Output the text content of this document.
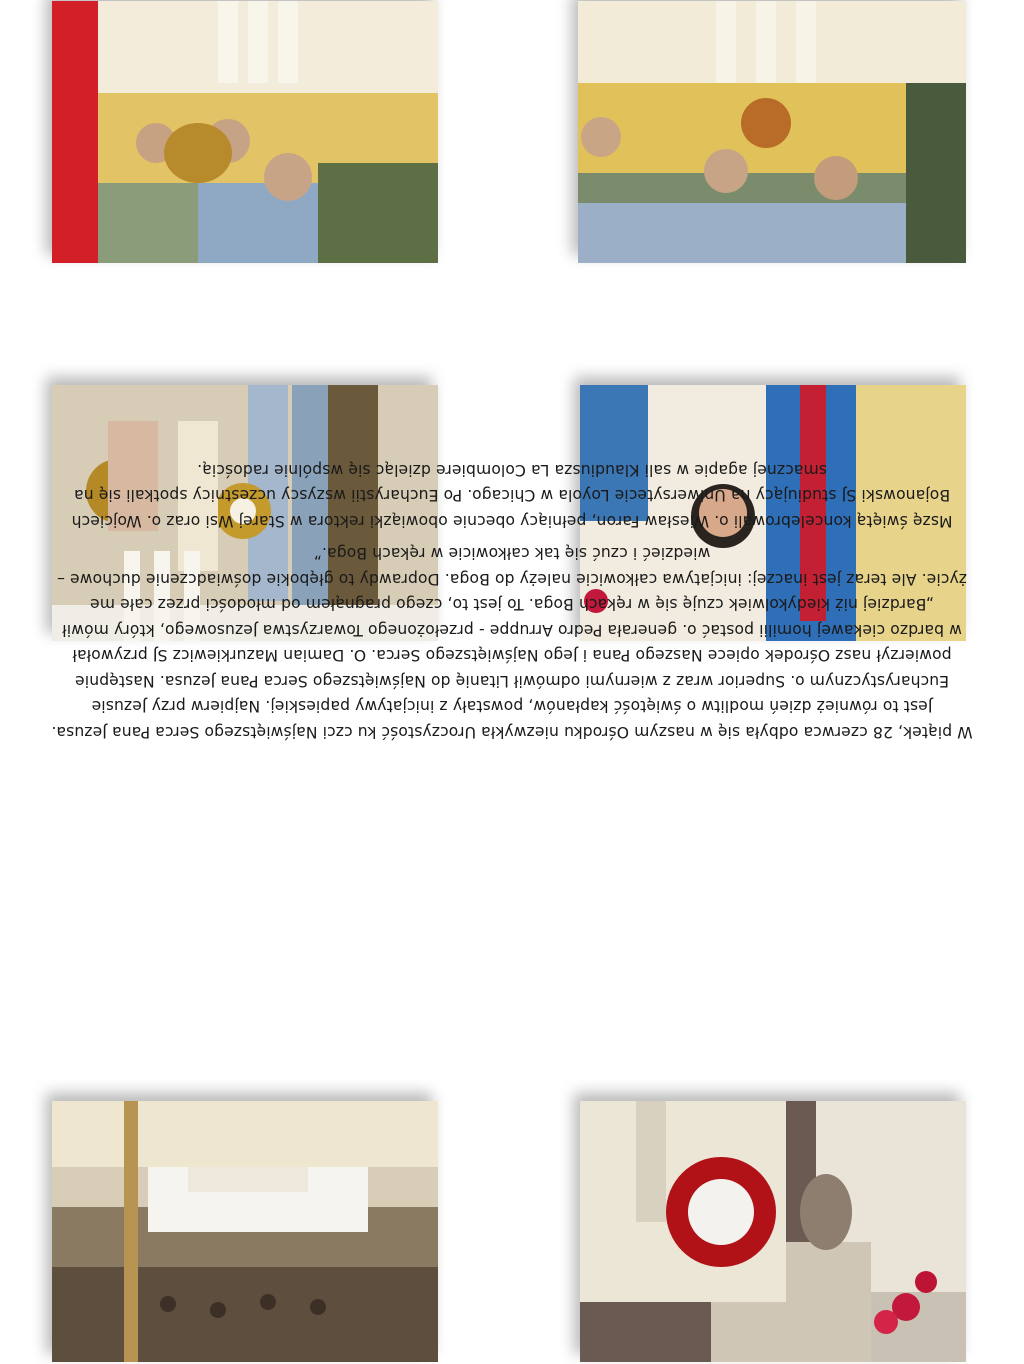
W piątek, 28 czerwca odbyła się w naszym Ośrodku niezwykła Uroczystość ku czci Najświętszego Serca Pana Jezusa.

Jest to również dzień modlitw o świętość kapłanów, powstały z inicjatywy papieskiej. Najpierw przy Jezusie

Eucharystycznym o. Superior wraz z wiernymi odmówił Litanię do Najświętszego Serca Pana Jezusa. Następnie

powierzył nasz Ośrodek opiece Naszego Pana i Jego Najświętszego Serca. O. Damian Mazurkiewicz SJ przywołał

w bardzo ciekawej homilii postać o. generała Pedro Arruppe - przełożonego Towarzystwa Jezusowego, który mówił

„Bardziej niż kiedykolwiek czuję się w rękach Boga. To jest to, czego pragnąłem od młodości przez całe me

życie. Ale teraz jest inaczej: inicjatywa całkowicie należy do Boga. Doprawdy to głębokie doświadczenie duchowe –

wiedzieć i czuć się tak całkowicie w rękach Boga.”

Mszę świętą koncelebrowali o. Wiesław Faron, pełniący obecnie obowiązki rektora w Starej Wsi oraz o. Wojciech

Bojanowski SJ studiujący na Uniwersytecie Loyola w Chicago. Po Eucharystii wszyscy uczestnicy spotkali się na

smacznej agapie w sali Klaudiusza La Colombiere dzieląc się wspólnie radością.
